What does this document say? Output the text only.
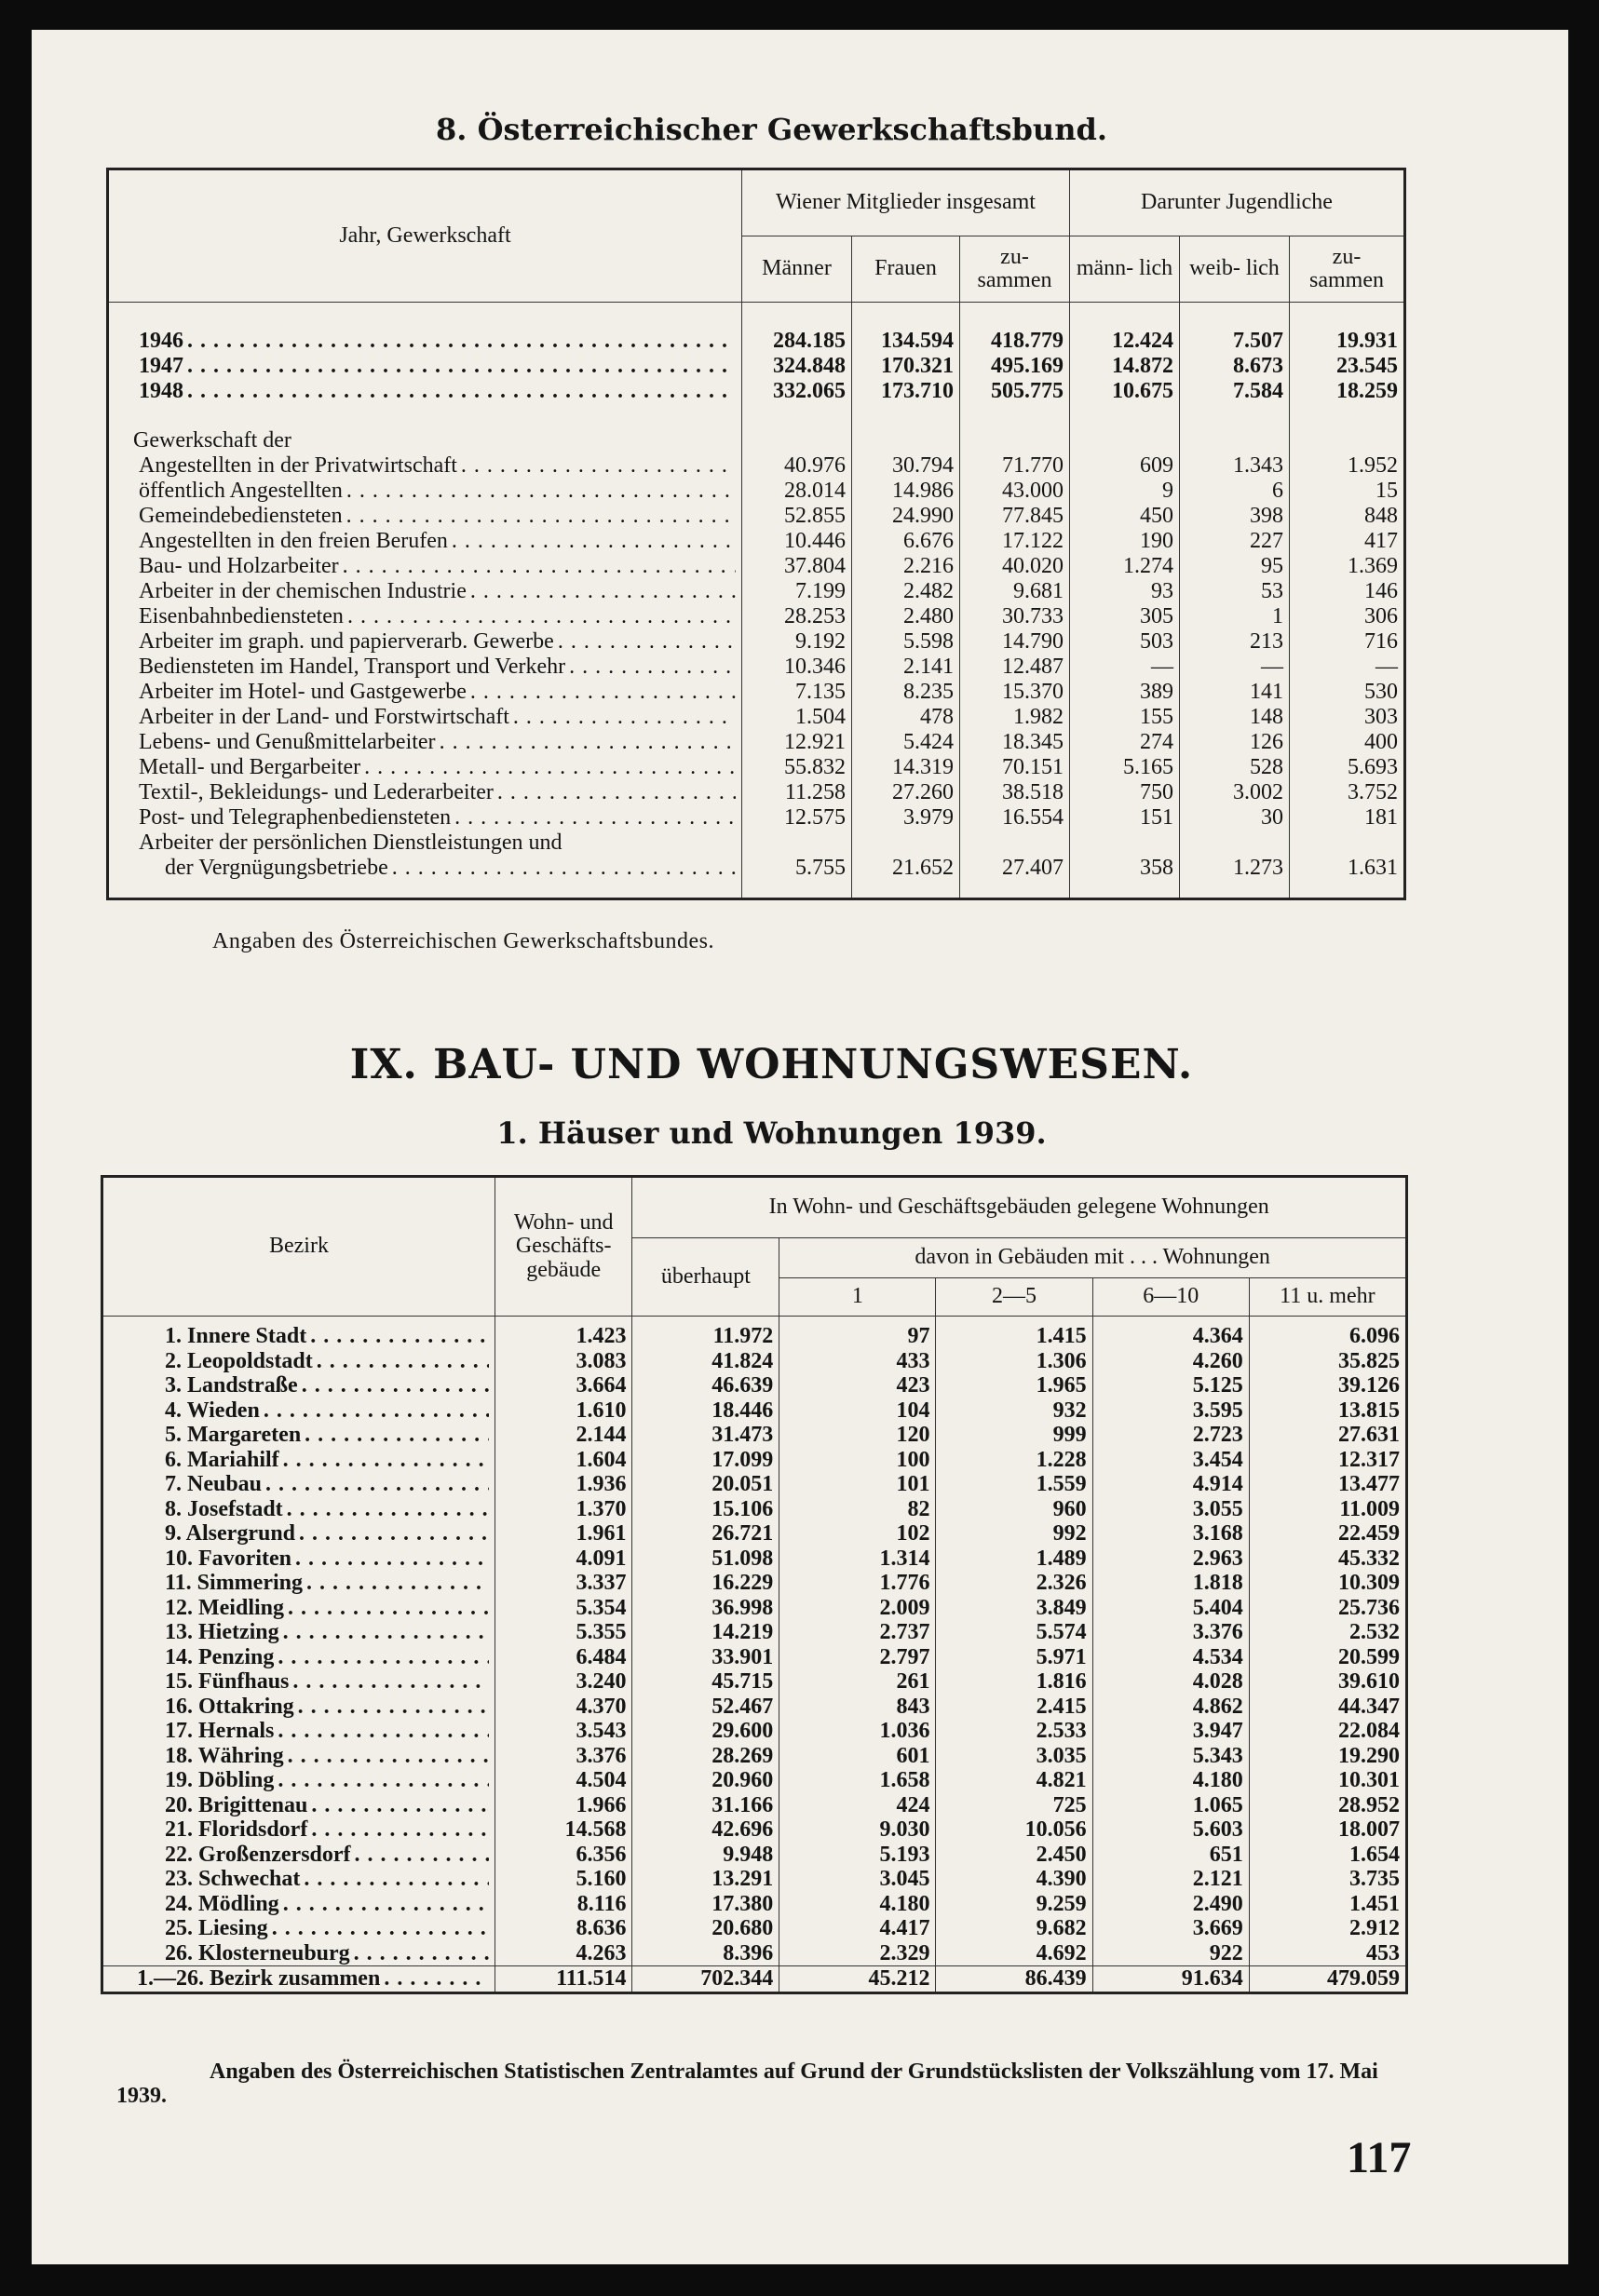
8. Österreichischer Gewerkschaftsbund.
Jahr, Gewerkschaft	Wiener Mitglieder insgesamt			Darunter Jugendliche		
	Männer	Frauen	zu- sammen	männ- lich	weib- lich	zu- sammen

1946 . . .	284.185	134.594	418.779	12.424	7.507	19.931

1947 . . .	324.848	170.321	495.169	14.872	8.673	23.545

1948 . . .	332.065	173.710	505.775	10.675	7.584	18.259

Gewerkschaft der						

Angestellten in der Privatwirtschaft . . .	40.976	30.794	71.770	609	1.343	1.952

öffentlich Angestellten . . .	28.014	14.986	43.000	9	6	15

Gemeindebediensteten . . .	52.855	24.990	77.845	450	398	848

Angestellten in den freien Berufen . . .	10.446	6.676	17.122	190	227	417

Bau- und Holzarbeiter . . .	37.804	2.216	40.020	1.274	95	1.369

Arbeiter in der chemischen Industrie . . .	7.199	2.482	9.681	93	53	146

Eisenbahnbediensteten . . .	28.253	2.480	30.733	305	1	306

Arbeiter im graph. und papierverarb. Gewerbe . . .	9.192	5.598	14.790	503	213	716

Bediensteten im Handel, Transport und Verkehr . . .	10.346	2.141	12.487	—	—	—

Arbeiter im Hotel- und Gastgewerbe . . .	7.135	8.235	15.370	389	141	530

Arbeiter in der Land- und Forstwirtschaft . . .	1.504	478	1.982	155	148	303

Lebens- und Genußmittelarbeiter . . .	12.921	5.424	18.345	274	126	400

Metall- und Bergarbeiter . . .	55.832	14.319	70.151	5.165	528	5.693

Textil-, Bekleidungs- und Lederarbeiter . . .	11.258	27.260	38.518	750	3.002	3.752

Post- und Telegraphenbediensteten . . .	12.575	3.979	16.554	151	30	181

Arbeiter der persönlichen Dienstleistungen und
der Vergnügungsbetriebe . . .	5.755	21.652	27.407	358	1.273	1.631

Angaben des Österreichischen Gewerkschaftsbundes.

IX. BAU- UND WOHNUNGSWESEN.
1. Häuser und Wohnungen 1939.
Bezirk	Wohn- und Geschäfts- gebäude	In Wohn- und Geschäftsgebäuden gelegene Wohnungen				
		überhaupt	davon in Gebäuden mit . . . Wohnungen			
			1	2—5	6—10	11 u. mehr

1. Innere Stadt . . .	1.423	11.972	97	1.415	4.364	6.096

2. Leopoldstadt . . .	3.083	41.824	433	1.306	4.260	35.825

3. Landstraße . . .	3.664	46.639	423	1.965	5.125	39.126

4. Wieden . . .	1.610	18.446	104	932	3.595	13.815

5. Margareten . . .	2.144	31.473	120	999	2.723	27.631

6. Mariahilf . . .	1.604	17.099	100	1.228	3.454	12.317

7. Neubau . . .	1.936	20.051	101	1.559	4.914	13.477

8. Josefstadt . . .	1.370	15.106	82	960	3.055	11.009

9. Alsergrund . . .	1.961	26.721	102	992	3.168	22.459

10. Favoriten . . .	4.091	51.098	1.314	1.489	2.963	45.332

11. Simmering . . .	3.337	16.229	1.776	2.326	1.818	10.309

12. Meidling . . .	5.354	36.998	2.009	3.849	5.404	25.736

13. Hietzing . . .	5.355	14.219	2.737	5.574	3.376	2.532

14. Penzing . . .	6.484	33.901	2.797	5.971	4.534	20.599

15. Fünfhaus . . .	3.240	45.715	261	1.816	4.028	39.610

16. Ottakring . . .	4.370	52.467	843	2.415	4.862	44.347

17. Hernals . . .	3.543	29.600	1.036	2.533	3.947	22.084

18. Währing . . .	3.376	28.269	601	3.035	5.343	19.290

19. Döbling . . .	4.504	20.960	1.658	4.821	4.180	10.301

20. Brigittenau . . .	1.966	31.166	424	725	1.065	28.952

21. Floridsdorf . . .	14.568	42.696	9.030	10.056	5.603	18.007

22. Großenzersdorf . . .	6.356	9.948	5.193	2.450	651	1.654

23. Schwechat . . .	5.160	13.291	3.045	4.390	2.121	3.735

24. Mödling . . .	8.116	17.380	4.180	9.259	2.490	1.451

25. Liesing . . .	8.636	20.680	4.417	9.682	3.669	2.912

26. Klosterneuburg . . .	4.263	8.396	2.329	4.692	922	453

1.—26. Bezirk zusammen . . .	111.514	702.344	45.212	86.439	91.634	479.059

Angaben des Österreichischen Statistischen Zentralamtes auf Grund der Grundstückslisten der Volkszählung vom 17. Mai 1939.

117
